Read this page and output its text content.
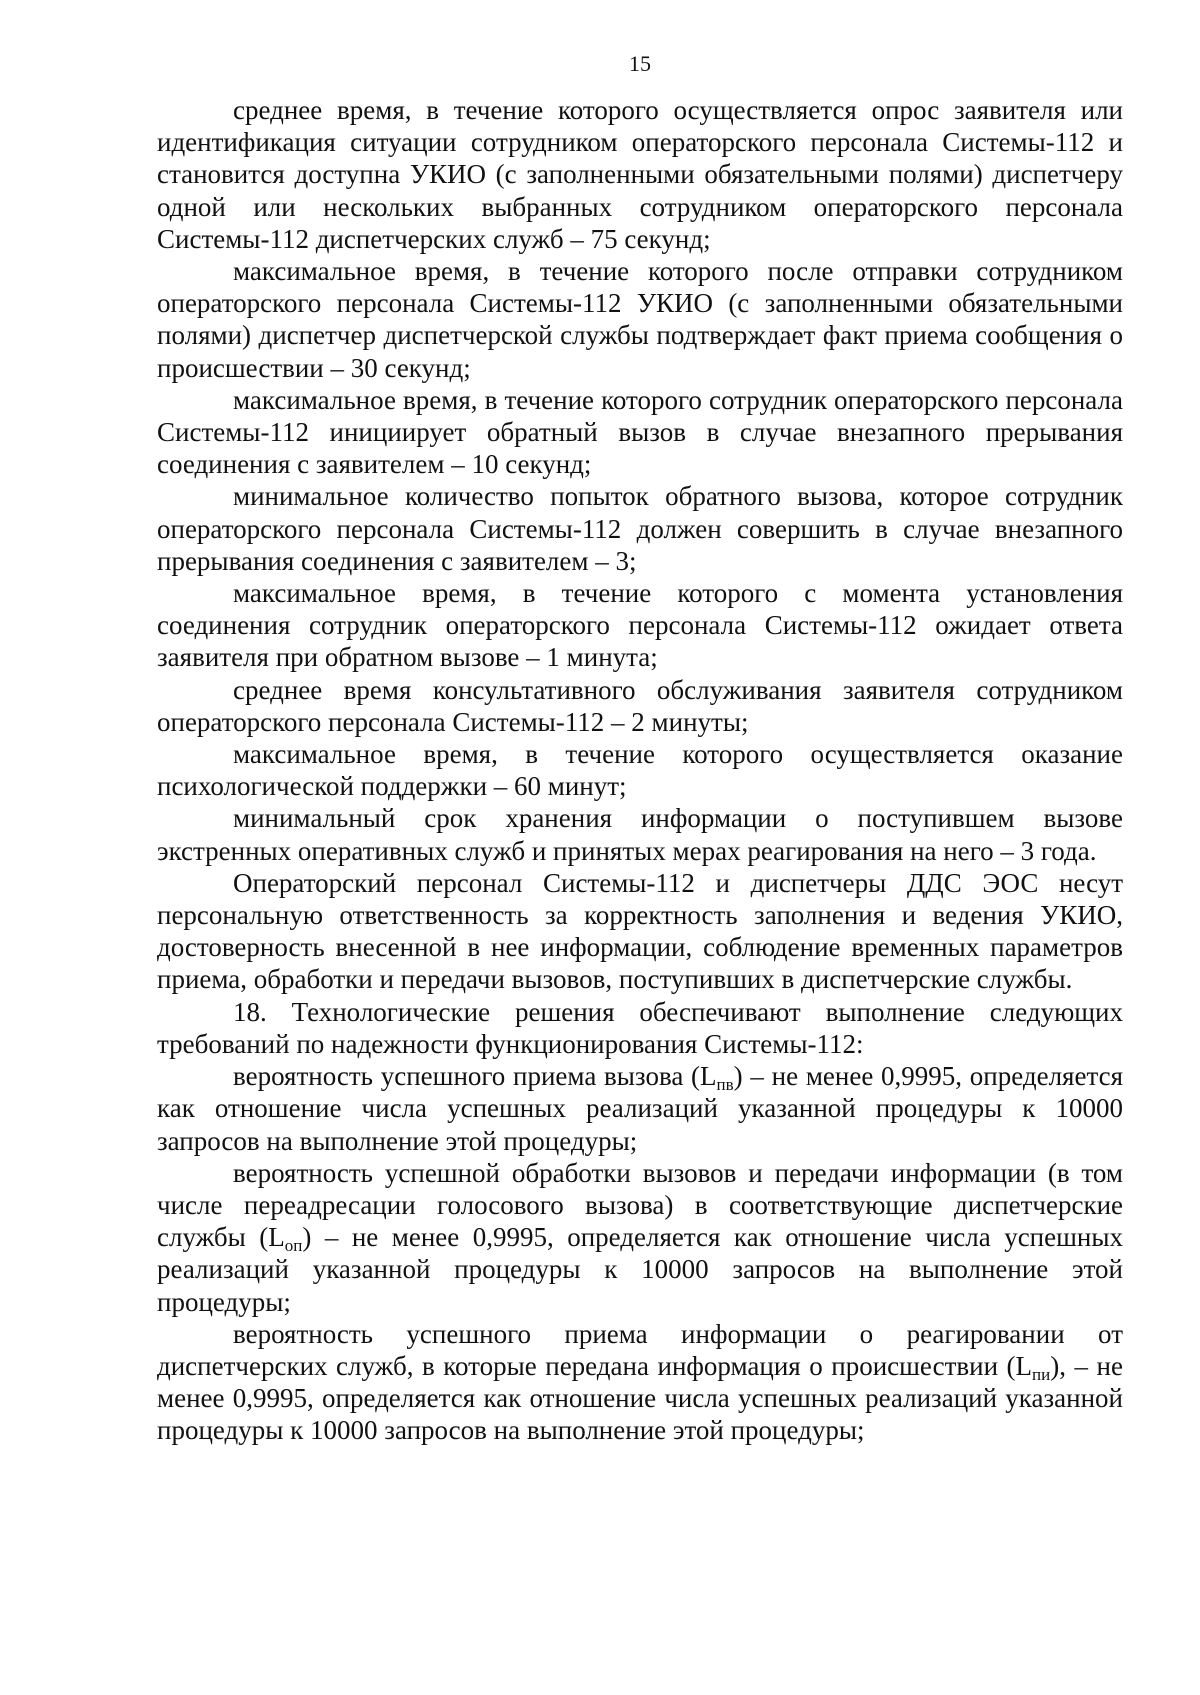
15

среднее время, в течение которого осуществляется опрос заявителя или идентификация ситуации сотрудником операторского персонала Системы-112 и становится доступна УКИО (с заполненными обязательными полями) диспетчеру одной или нескольких выбранных сотрудником операторского персонала Системы-112 диспетчерских служб – 75 секунд;

максимальное время, в течение которого после отправки сотрудником операторского персонала Системы-112 УКИО (с заполненными обязательными полями) диспетчер диспетчерской службы подтверждает факт приема сообщения о происшествии – 30 секунд;

максимальное время, в течение которого сотрудник операторского персонала Системы-112 инициирует обратный вызов в случае внезапного прерывания соединения с заявителем – 10 секунд;

минимальное количество попыток обратного вызова, которое сотрудник операторского персонала Системы-112 должен совершить в случае внезапного прерывания соединения с заявителем – 3;

максимальное время, в течение которого с момента установления соединения сотрудник операторского персонала Системы-112 ожидает ответа заявителя при обратном вызове – 1 минута;

среднее время консультативного обслуживания заявителя сотрудником операторского персонала Системы-112 – 2 минуты;

максимальное время, в течение которого осуществляется оказание психологической поддержки – 60 минут;

минимальный срок хранения информации о поступившем вызове экстренных оперативных служб и принятых мерах реагирования на него – 3 года.

Операторский персонал Системы-112 и диспетчеры ДДС ЭОС несут персональную ответственность за корректность заполнения и ведения УКИО, достоверность внесенной в нее информации, соблюдение временных параметров приема, обработки и передачи вызовов, поступивших в диспетчерские службы.

18. Технологические решения обеспечивают выполнение следующих требований по надежности функционирования Системы-112:

вероятность успешного приема вызова $(L_{пв})$ – не менее 0,9995, определяется как отношение числа успешных реализаций указанной процедуры к 10000 запросов на выполнение этой процедуры;

вероятность успешной обработки вызовов и передачи информации (в том числе переадресации голосового вызова) в соответствующие диспетчерские службы $(L_{оп})$ – не менее 0,9995, определяется как отношение числа успешных реализаций указанной процедуры к 10000 запросов на выполнение этой процедуры;

вероятность успешного приема информации о реагировании от диспетчерских служб, в которые передана информация о происшествии $(L_{пи})$, – не менее 0,9995, определяется как отношение числа успешных реализаций указанной процедуры к 10000 запросов на выполнение этой процедуры;
